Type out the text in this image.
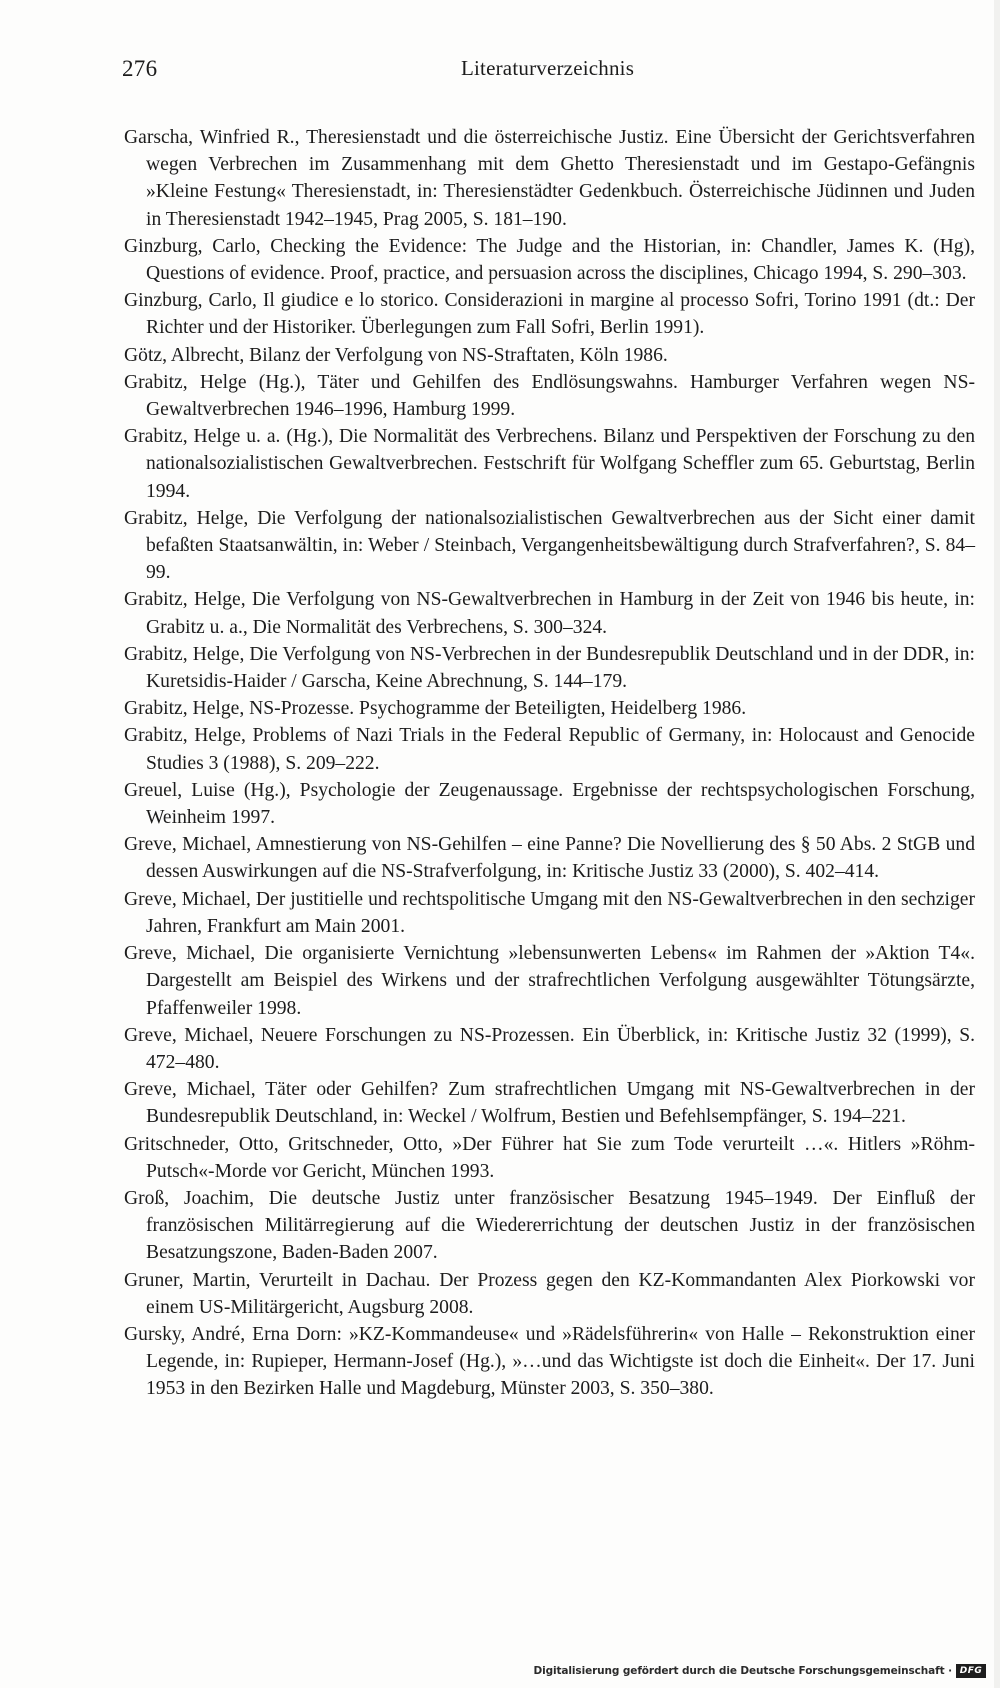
276	Literaturverzeichnis
Garscha, Winfried R., Theresienstadt und die österreichische Justiz. Eine Übersicht der Gerichtsverfahren wegen Verbrechen im Zusammenhang mit dem Ghetto Theresienstadt und im Gestapo-Gefängnis »Kleine Festung« Theresienstadt, in: Theresienstädter Gedenkbuch. Österreichische Jüdinnen und Juden in Theresienstadt 1942–1945, Prag 2005, S. 181–190.
Ginzburg, Carlo, Checking the Evidence: The Judge and the Historian, in: Chandler, James K. (Hg), Questions of evidence. Proof, practice, and persuasion across the disciplines, Chicago 1994, S. 290–303.
Ginzburg, Carlo, Il giudice e lo storico. Considerazioni in margine al processo Sofri, Torino 1991 (dt.: Der Richter und der Historiker. Überlegungen zum Fall Sofri, Berlin 1991).
Götz, Albrecht, Bilanz der Verfolgung von NS-Straftaten, Köln 1986.
Grabitz, Helge (Hg.), Täter und Gehilfen des Endlösungswahns. Hamburger Verfahren wegen NS-Gewaltverbrechen 1946–1996, Hamburg 1999.
Grabitz, Helge u. a. (Hg.), Die Normalität des Verbrechens. Bilanz und Perspektiven der Forschung zu den nationalsozialistischen Gewaltverbrechen. Festschrift für Wolfgang Scheffler zum 65. Geburtstag, Berlin 1994.
Grabitz, Helge, Die Verfolgung der nationalsozialistischen Gewaltverbrechen aus der Sicht einer damit befaßten Staatsanwältin, in: Weber / Steinbach, Vergangenheitsbewältigung durch Strafverfahren?, S. 84–99.
Grabitz, Helge, Die Verfolgung von NS-Gewaltverbrechen in Hamburg in der Zeit von 1946 bis heute, in: Grabitz u. a., Die Normalität des Verbrechens, S. 300–324.
Grabitz, Helge, Die Verfolgung von NS-Verbrechen in der Bundesrepublik Deutschland und in der DDR, in: Kuretsidis-Haider / Garscha, Keine Abrechnung, S. 144–179.
Grabitz, Helge, NS-Prozesse. Psychogramme der Beteiligten, Heidelberg 1986.
Grabitz, Helge, Problems of Nazi Trials in the Federal Republic of Germany, in: Holocaust and Genocide Studies 3 (1988), S. 209–222.
Greuel, Luise (Hg.), Psychologie der Zeugenaussage. Ergebnisse der rechtspsychologischen Forschung, Weinheim 1997.
Greve, Michael, Amnestierung von NS-Gehilfen – eine Panne? Die Novellierung des § 50 Abs. 2 StGB und dessen Auswirkungen auf die NS-Strafverfolgung, in: Kritische Justiz 33 (2000), S. 402–414.
Greve, Michael, Der justitielle und rechtspolitische Umgang mit den NS-Gewaltverbrechen in den sechziger Jahren, Frankfurt am Main 2001.
Greve, Michael, Die organisierte Vernichtung »lebensunwerten Lebens« im Rahmen der »Aktion T4«. Dargestellt am Beispiel des Wirkens und der strafrechtlichen Verfolgung ausgewählter Tötungsärzte, Pfaffenweiler 1998.
Greve, Michael, Neuere Forschungen zu NS-Prozessen. Ein Überblick, in: Kritische Justiz 32 (1999), S. 472–480.
Greve, Michael, Täter oder Gehilfen? Zum strafrechtlichen Umgang mit NS-Gewaltverbrechen in der Bundesrepublik Deutschland, in: Weckel / Wolfrum, Bestien und Befehlsempfänger, S. 194–221.
Gritschneder, Otto, Gritschneder, Otto, »Der Führer hat Sie zum Tode verurteilt …«. Hitlers »Röhm-Putsch«-Morde vor Gericht, München 1993.
Groß, Joachim, Die deutsche Justiz unter französischer Besatzung 1945–1949. Der Einfluß der französischen Militärregierung auf die Wiedererrichtung der deutschen Justiz in der französischen Besatzungszone, Baden-Baden 2007.
Gruner, Martin, Verurteilt in Dachau. Der Prozess gegen den KZ-Kommandanten Alex Piorkowski vor einem US-Militärgericht, Augsburg 2008.
Gursky, André, Erna Dorn: »KZ-Kommandeuse« und »Rädelsführerin« von Halle – Rekonstruktion einer Legende, in: Rupieper, Hermann-Josef (Hg.), »…und das Wichtigste ist doch die Einheit«. Der 17. Juni 1953 in den Bezirken Halle und Magdeburg, Münster 2003, S. 350–380.
Digitalisierung gefördert durch die Deutsche Forschungsgemeinschaft · DFG
